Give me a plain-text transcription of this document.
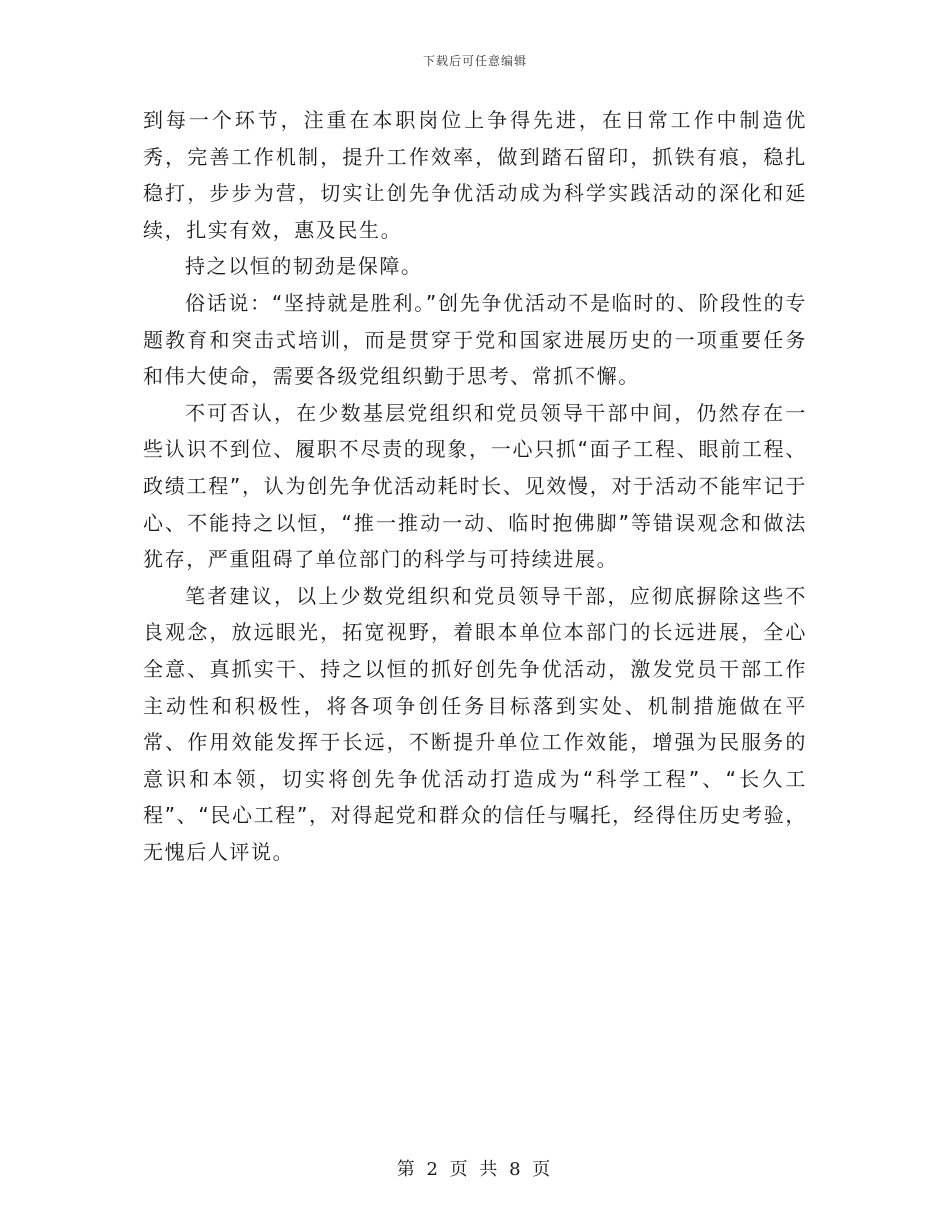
下载后可任意编辑

到每一个环节，注重在本职岗位上争得先进，在日常工作中制造优秀，完善工作机制，提升工作效率，做到踏石留印，抓铁有痕，稳扎稳打，步步为营，切实让创先争优活动成为科学实践活动的深化和延续，扎实有效，惠及民生。

持之以恒的韧劲是保障。

俗话说：“坚持就是胜利。”创先争优活动不是临时的、阶段性的专题教育和突击式培训，而是贯穿于党和国家进展历史的一项重要任务和伟大使命，需要各级党组织勤于思考、常抓不懈。

不可否认，在少数基层党组织和党员领导干部中间，仍然存在一些认识不到位、履职不尽责的现象，一心只抓“面子工程、眼前工程、政绩工程”，认为创先争优活动耗时长、见效慢，对于活动不能牢记于心、不能持之以恒，“推一推动一动、临时抱佛脚”等错误观念和做法犹存，严重阻碍了单位部门的科学与可持续进展。

笔者建议，以上少数党组织和党员领导干部，应彻底摒除这些不良观念，放远眼光，拓宽视野，着眼本单位本部门的长远进展，全心全意、真抓实干、持之以恒的抓好创先争优活动，激发党员干部工作主动性和积极性，将各项争创任务目标落到实处、机制措施做在平常、作用效能发挥于长远，不断提升单位工作效能，增强为民服务的意识和本领，切实将创先争优活动打造成为“科学工程”、“长久工程”、“民心工程”，对得起党和群众的信任与嘱托，经得住历史考验，无愧后人评说。

第 2 页 共 8 页
